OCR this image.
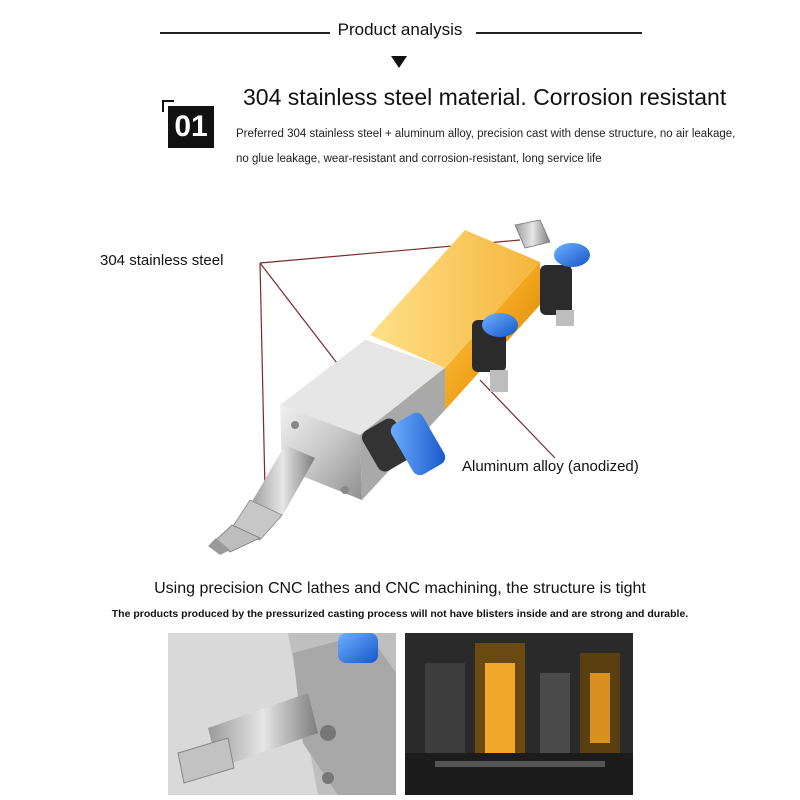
Product analysis
01
304 stainless steel material. Corrosion resistant
Preferred 304 stainless steel + aluminum alloy, precision cast with dense structure, no air leakage,
no glue leakage, wear-resistant and corrosion-resistant, long service life
304 stainless steel
Aluminum alloy (anodized)
Using precision CNC lathes and CNC machining, the structure is tight
The products produced by the pressurized casting process will not have blisters inside and are strong and durable.
